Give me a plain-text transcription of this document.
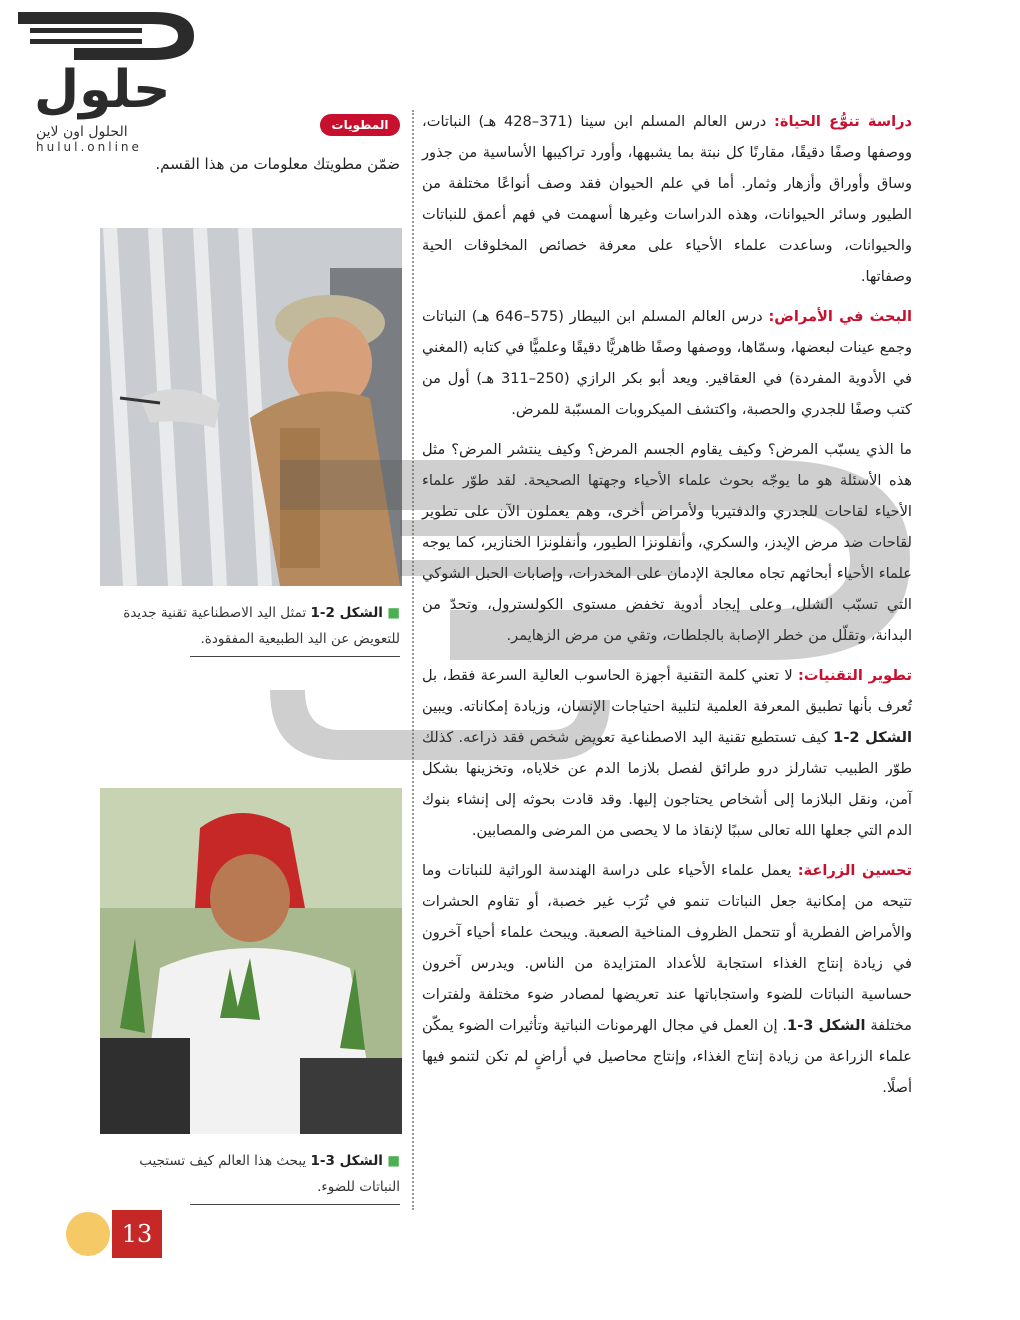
حلول
الحلول اون لاين
hulul.online
المطويات
ضمّن مطويتك معلومات من هذا القسم.
■ الشكل 2-1 تمثل اليد الاصطناعية تقنية جديدة للتعويض عن اليد الطبيعية المفقودة.
■ الشكل 3-1 يبحث هذا العالم كيف تستجيب النباتات للضوء.

دراسة تنوُّع الحياة: درس العالم المسلم ابن سينا (371–428 هـ) النباتات، ووصفها وصفًا دقيقًا، مقارنًا كل نبتة بما يشبهها، وأورد تراكيبها الأساسية من جذور وساق وأوراق وأزهار وثمار. أما في علم الحيوان فقد وصف أنواعًا مختلفة من الطيور وسائر الحيوانات، وهذه الدراسات وغيرها أسهمت في فهم أعمق للنباتات والحيوانات، وساعدت علماء الأحياء على معرفة خصائص المخلوقات الحية وصفاتها.

البحث في الأمراض: درس العالم المسلم ابن البيطار (575–646 هـ) النباتات وجمع عينات لبعضها، وسمّاها، ووصفها وصفًا ظاهريًّا دقيقًا وعلميًّا في كتابه (المغني في الأدوية المفردة) في العقاقير. ويعد أبو بكر الرازي (250–311 هـ) أول من كتب وصفًا للجدري والحصبة، واكتشف الميكروبات المسبّبة للمرض.

ما الذي يسبّب المرض؟ وكيف يقاوم الجسم المرض؟ وكيف ينتشر المرض؟ مثل هذه الأسئلة هو ما يوجّه بحوث علماء الأحياء وجهتها الصحيحة. لقد طوّر علماء الأحياء لقاحات للجدري والدفتيريا ولأمراض أخرى، وهم يعملون الآن على تطوير لقاحات ضد مرض الإيدز، والسكري، وأنفلونزا الطيور، وأنفلونزا الخنازير، كما يوجه علماء الأحياء أبحاثهم تجاه معالجة الإدمان على المخدرات، وإصابات الحبل الشوكي التي تسبّب الشلل، وعلى إيجاد أدوية تخفض مستوى الكولسترول، وتحدّ من البدانة، وتقلّل من خطر الإصابة بالجلطات، وتقي من مرض الزهايمر.

تطوير التقنيات: لا تعني كلمة التقنية أجهزة الحاسوب العالية السرعة فقط، بل تُعرف بأنها تطبيق المعرفة العلمية لتلبية احتياجات الإنسان، وزيادة إمكاناته. ويبين الشكل 2-1 كيف تستطيع تقنية اليد الاصطناعية تعويض شخص فقد ذراعه. كذلك طوّر الطبيب تشارلز درو طرائق لفصل بلازما الدم عن خلاياه، وتخزينها بشكل آمن، ونقل البلازما إلى أشخاص يحتاجون إليها. وقد قادت بحوثه إلى إنشاء بنوك الدم التي جعلها الله تعالى سببًا لإنقاذ ما لا يحصى من المرضى والمصابين.

تحسين الزراعة: يعمل علماء الأحياء على دراسة الهندسة الوراثية للنباتات وما تتيحه من إمكانية جعل النباتات تنمو في تُرَب غير خصبة، أو تقاوم الحشرات والأمراض الفطرية أو تتحمل الظروف المناخية الصعبة. ويبحث علماء أحياء آخرون في زيادة إنتاج الغذاء استجابة للأعداد المتزايدة من الناس. ويدرس آخرون حساسية النباتات للضوء واستجاباتها عند تعريضها لمصادر ضوء مختلفة ولفترات مختلفة الشكل 3-1. إن العمل في مجال الهرمونات النباتية وتأثيرات الضوء يمكّن علماء الزراعة من زيادة إنتاج الغذاء، وإنتاج محاصيل في أراضٍ لم تكن لتنمو فيها أصلًا.

13
